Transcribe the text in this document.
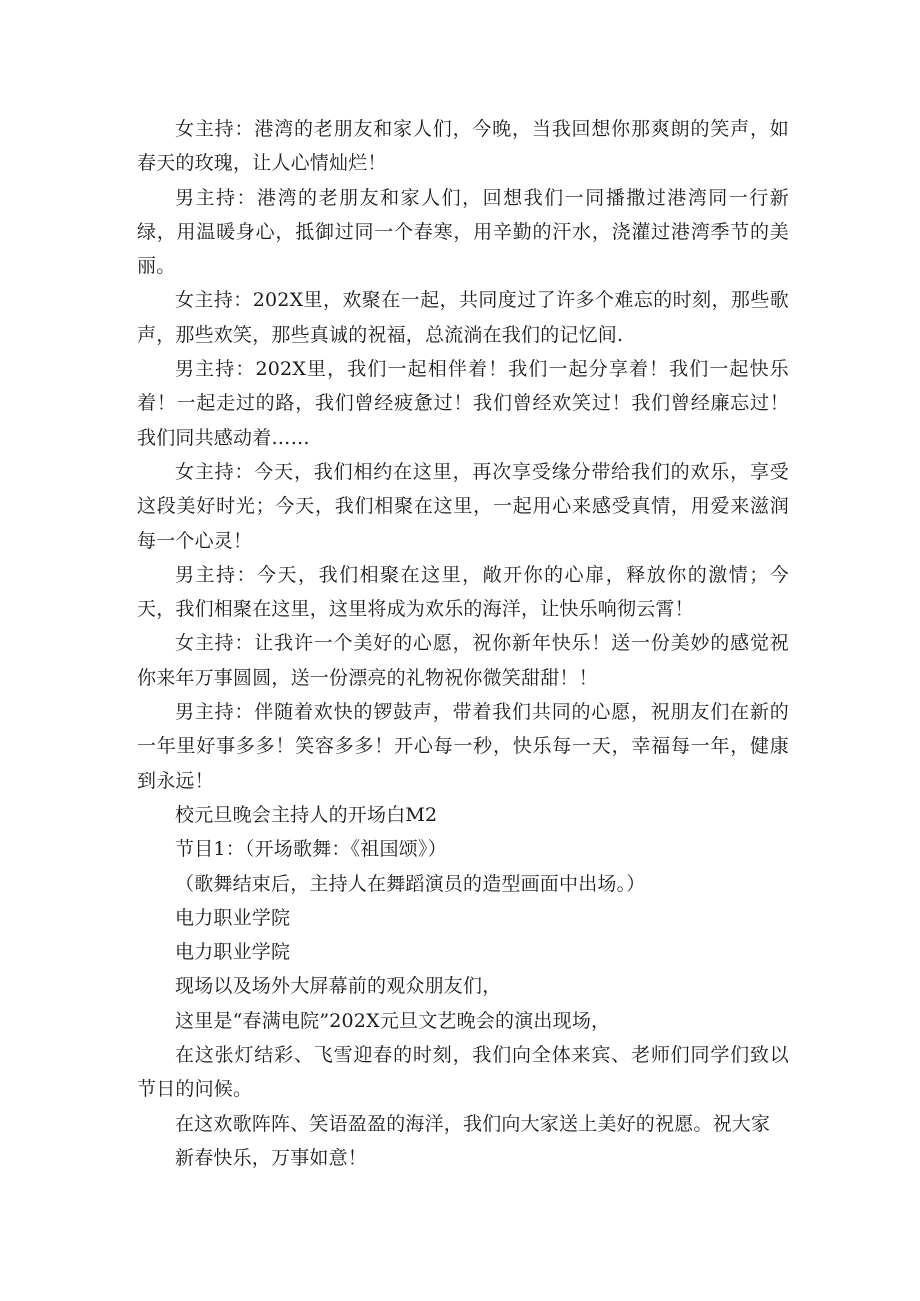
女主持：港湾的老朋友和家人们，今晚，当我回想你那爽朗的笑声，如春天的玫瑰，让人心情灿烂！

男主持：港湾的老朋友和家人们，回想我们一同播撒过港湾同一行新绿，用温暖身心，抵御过同一个春寒，用辛勤的汗水，浇灌过港湾季节的美丽。

女主持：202X里，欢聚在一起，共同度过了许多个难忘的时刻，那些歌声，那些欢笑，那些真诚的祝福，总流淌在我们的记忆间.

男主持：202X里，我们一起相伴着！我们一起分享着！我们一起快乐着！一起走过的路，我们曾经疲惫过！我们曾经欢笑过！我们曾经廉忘过！我们同共感动着……

女主持：今天，我们相约在这里，再次享受缘分带给我们的欢乐，享受这段美好时光；今天，我们相聚在这里，一起用心来感受真情，用爱来滋润每一个心灵！

男主持：今天，我们相聚在这里，敞开你的心扉，释放你的激情；今天，我们相聚在这里，这里将成为欢乐的海洋，让快乐响彻云霄！

女主持：让我许一个美好的心愿，祝你新年快乐！送一份美妙的感觉祝你来年万事圆圆，送一份漂亮的礼物祝你微笑甜甜！！

男主持：伴随着欢快的锣鼓声，带着我们共同的心愿，祝朋友们在新的一年里好事多多！笑容多多！开心每一秒，快乐每一天，幸福每一年，健康到永远！

校元旦晚会主持人的开场白M2

节目1：（开场歌舞：《祖国颂》）

（歌舞结束后，主持人在舞蹈演员的造型画面中出场。）

电力职业学院

电力职业学院

现场以及场外大屏幕前的观众朋友们，

这里是“春满电院”202X元旦文艺晚会的演出现场，

在这张灯结彩、飞雪迎春的时刻，我们向全体来宾、老师们同学们致以节日的问候。

在这欢歌阵阵、笑语盈盈的海洋，我们向大家送上美好的祝愿。祝大家

新春快乐，万事如意！
